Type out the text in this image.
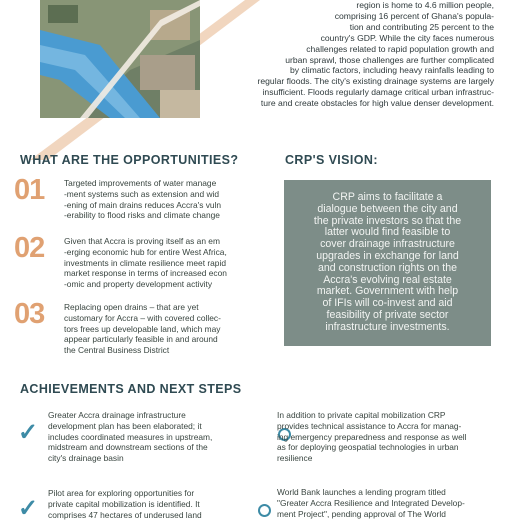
region is home to 4.6 million people,

comprising 16 percent of Ghana's popula-

tion and contributing 25 percent to the

country's GDP. While the city faces numerous

challenges related to rapid population growth and

urban sprawl, those challenges are further complicated

by climatic factors, including heavy rainfalls leading to

regular floods. The city's existing drainage systems are largely

insufficient. Floods regularly damage critical urban infrastruc-

ture and create obstacles for high value denser development.

WHAT ARE THE OPPORTUNITIES?	CRP'S VISION:
01 Targeted improvements of water manage
-ment systems such as extension and wid
-ening of main drains reduces Accra's vuln
-erability to flood risks and climate change
02 Given that Accra is proving itself as an em
-erging economic hub for entire West Africa,
investments in climate resilience meet rapid
market response in terms of increased econ
-omic and property development activity
03 Replacing open drains – that are yet
customary for Accra – with covered collec-
tors frees up developable land, which may
appear particularly feasible in and around
the Central Business District
CRP aims to facilitate a
dialogue between the city and
the private investors so that the
latter would find feasible to
cover drainage infrastructure
upgrades in exchange for land
and construction rights on the
Accra's evolving real estate
market. Government with help
of IFIs will co-invest and aid
feasibility of private sector
infrastructure investments.
ACHIEVEMENTS AND NEXT STEPS
✓
Greater Accra drainage infrastructure
development plan has been elaborated; it
includes coordinated measures in upstream,
midstream and downstream sections of the
city's drainage basin
✓
Pilot area for exploring opportunities for
private capital mobilization is identified. It
comprises 47 hectares of underused land
In addition to private capital mobilization CRP
provides technical assistance to Accra for manag-
ing emergency preparedness and response as well
as for deploying geospatial technologies in urban
resilience
World Bank launches a lending program titled
"Greater Accra Resilience and Integrated Develop-
ment Project", pending approval of The World
